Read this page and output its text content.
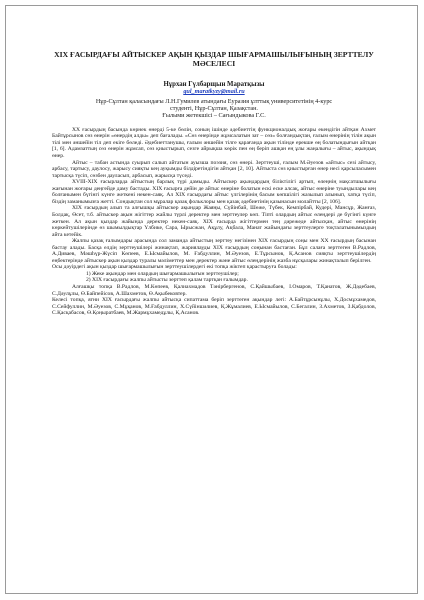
XIX ҒАСЫРДАҒЫ АЙТЫСКЕР АҚЫН ҚЫЗДАР ШЫҒАРМАШЫЛЫҒЫНЫҢ ЗЕРТТЕЛУ МӘСЕЛЕСІ
Нұрхан Гүлбарщын Маратқызы
gul_maratkyzy@mail.ru
Нұр-Сұлтан қаласындағы Л.Н.Гумилев атындағы Еуразия ұлттық университетінің 4-курс
студенті, Нұр-Сұлтан, Қазақстан.
Ғылыми жетекшісі – Сағындыкова Г.С.

ХХ ғасырдың басында көрнек өнерді 5-ке бөлін, соның ішінде әдебиеттің функционалдық жоғары екендігін айтқан Ахмет Байтұрсынов сөз өнерін «өнердің алды» деп бағалады. «Сөз өнерінде жұмсалатын зат – сөз» болғандықтан, ғалым өнерінің тілін ақын тілі мен әншейін тіл деп екіге бөледі. Әдебиеттанушы, ғалым әншейін тілге қарағанда ақын тілінде ерекше өң болатындығын айтқан [1, 6]. Адамзаттың сөз өнерін жұмсап, сөз қиыстырып, сезге айрықша көрік пен өң беріп ашқан ең ұлы жаңалығы – айтыс, ақындық өнер.

Айтыс – табан астында суырып салып айтатын ауызша поэзия, сөз өнері. Зерттеуші, ғалым М.Әуезов «айтыс» сезі айтысу, арбасу, тартысу, даулосу, жарысу сияқты кең ауқымды білдіретіндігін айтқан [2, 10]. Айтыста сөз қиыстырған өнер несі қарсыласымен тартысқа түсіп, сөзбен дауласып, арбасып, жарысқа түседі.

XVIII-XIX ғасырларда айтыстың барлық түрі дамыды. Айтыскер ақындардың біліктілігі артып, өлеңнің мақсатшылығы жағынан жоғары деңгейде даму бастады. ХІХ ғасырға дейін де айтыс өнеріне болатын ескі еске алсақ, айтыс өнеріне туындылары кең болғанымен бүгінгі күнге жеткені некен-саяқ. Ал ХІХ ғасырдағы айтыс үлгілерінің басым көпшілігі жазылып алынып, хатқа түсіп, біздің заманымызға жетті. Сондықтан сол мұралар қазақ фольклоры мен қазақ әдебиетінің қазынасын молайтты [2, 106].

ХІХ ғасырдың алып та алғышқы айтыскер ақындар Жаяңы, Сүйінбай, Шөже, Түбек, Кемпірбай, Кудері, Мансұр, Жанғаз, Болдақ, Өсет, т.б. айтыскер ақын жігіттер жайлы түрлі деректер мен зерттеулер көп. Тіпті олардың айтыс өлеңдері де бүгінгі күнге жеткен. Ал ақын қыздар жайында деректер некен-саяқ. ХІХ ғасырда жігіттермен тең дәрежеде айтысқан, айтыс өнерінің көркейтушілерінде өз шымылдықтар Үлбике, Сара, Ырысжан, Ақұлу, Ақбала, Манат жайындағы зерттеулерге тоқталатынымыздың айта кетейік.

Жалпы қазақ ғалымдары арасында сол заманда айтыстың зерттеу негізінен ХІХ ғасырдың соңы мен ХХ ғасырдың басынан бастау алады. Басқа елдің зерттеушілері жинақтап, жариялауды ХІХ ғасырдың соңынан бастаған. Бұл салаға зерттеген В.Радлов, А.Диваев, Мәшһүр-Жүсіп Көпеев, Е.Ысмайылов, М. Ғабдуллин, М.Әуезов, Е.Тұрсынов, Қ.Асанов сияқты зерттеушілердің еңбектерінде айтыскер ақын қыздар туралы мәліметтер мен деректер және айтыс өлеңдерінің жазба нұсқалары жинақталып берілген.

Осы дәуірдегі ақын қыздар шығармашылығын зерттеушілердегі екі топқа жіктеп қарастыруға болады:

1) Жеке ақындар мен олардың шығармашылығын зерттеушілер;

2) ХІХ ғасырдағы жалпы айтысты зерттеп қалам тартқан ғалымдар.

Алғашқы топқа В.Радлов, М.Көпеев, Қалиахмадов Тәнірбергенов, С.Қайшыбаев, І.Омаров, Т.Қанатов, Ж.Дәдебаев, С.Дәулұлы, Ө.Байпейісов, А.Шахметов, Ө.Ақыбековтер.

Келесі топқа, ягни ХІХ ғасырдағы жалпы айтысқа сипаттама беріп зерттеген ақындар легі: А.Байтұрсынұлы, Х.Досмұхамедов, С.Сейфуллин, М.Әуезов, С.Мұқанов, М.Ғабдуллин, Х.Сүйіншәлиев, Қ.Жұмалиев, Е.Ысмайылов, С.Бегалин, З.Ахметов, З.Қабдолов, С.Қасқабасов, Ө.Қоңыратбаев, М.Жармұхамедұлы, Қ.Асанов.
